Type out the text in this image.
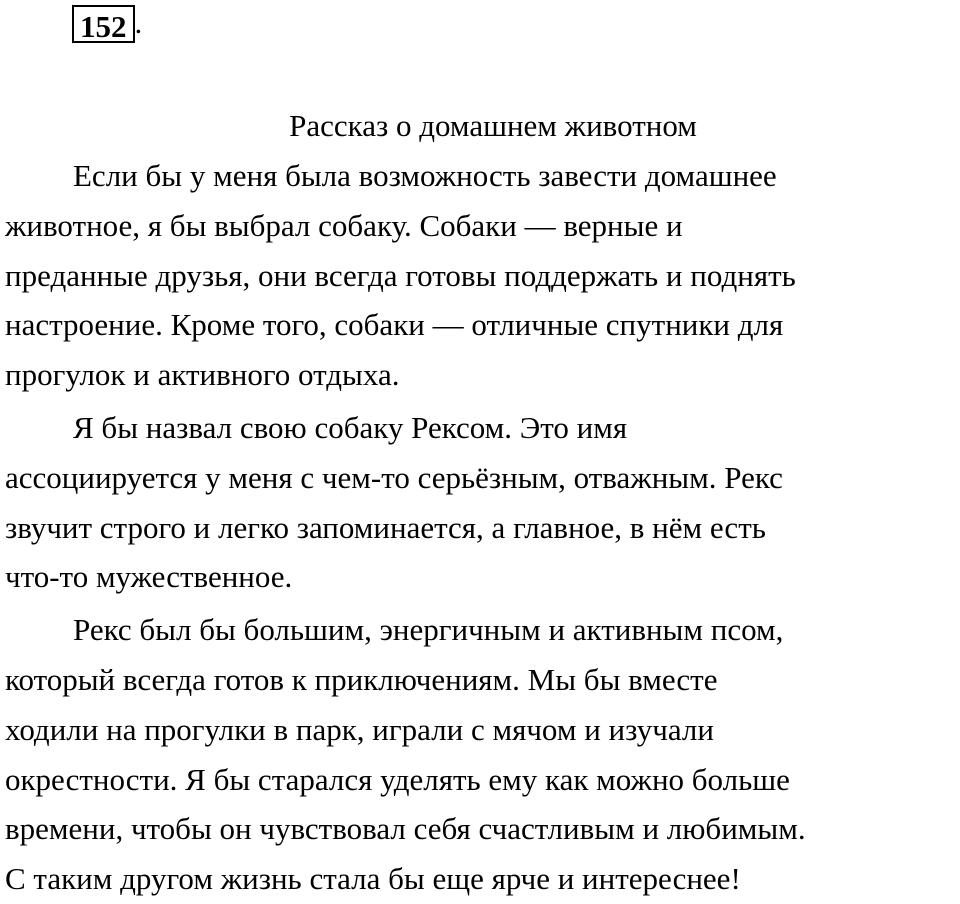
152 .
Рассказ о домашнем животном

Если бы у меня была возможность завести домашнее
животное, я бы выбрал собаку. Собаки — верные и
преданные друзья, они всегда готовы поддержать и поднять
настроение. Кроме того, собаки — отличные спутники для
прогулок и активного отдыха.

Я бы назвал свою собаку Рексом. Это имя
ассоциируется у меня с чем-то серьёзным, отважным. Рекс
звучит строго и легко запоминается, а главное, в нём есть
что-то мужественное.

Рекс был бы большим, энергичным и активным псом,
который всегда готов к приключениям. Мы бы вместе
ходили на прогулки в парк, играли с мячом и изучали
окрестности. Я бы старался уделять ему как можно больше
времени, чтобы он чувствовал себя счастливым и любимым.
С таким другом жизнь стала бы еще ярче и интереснее!
